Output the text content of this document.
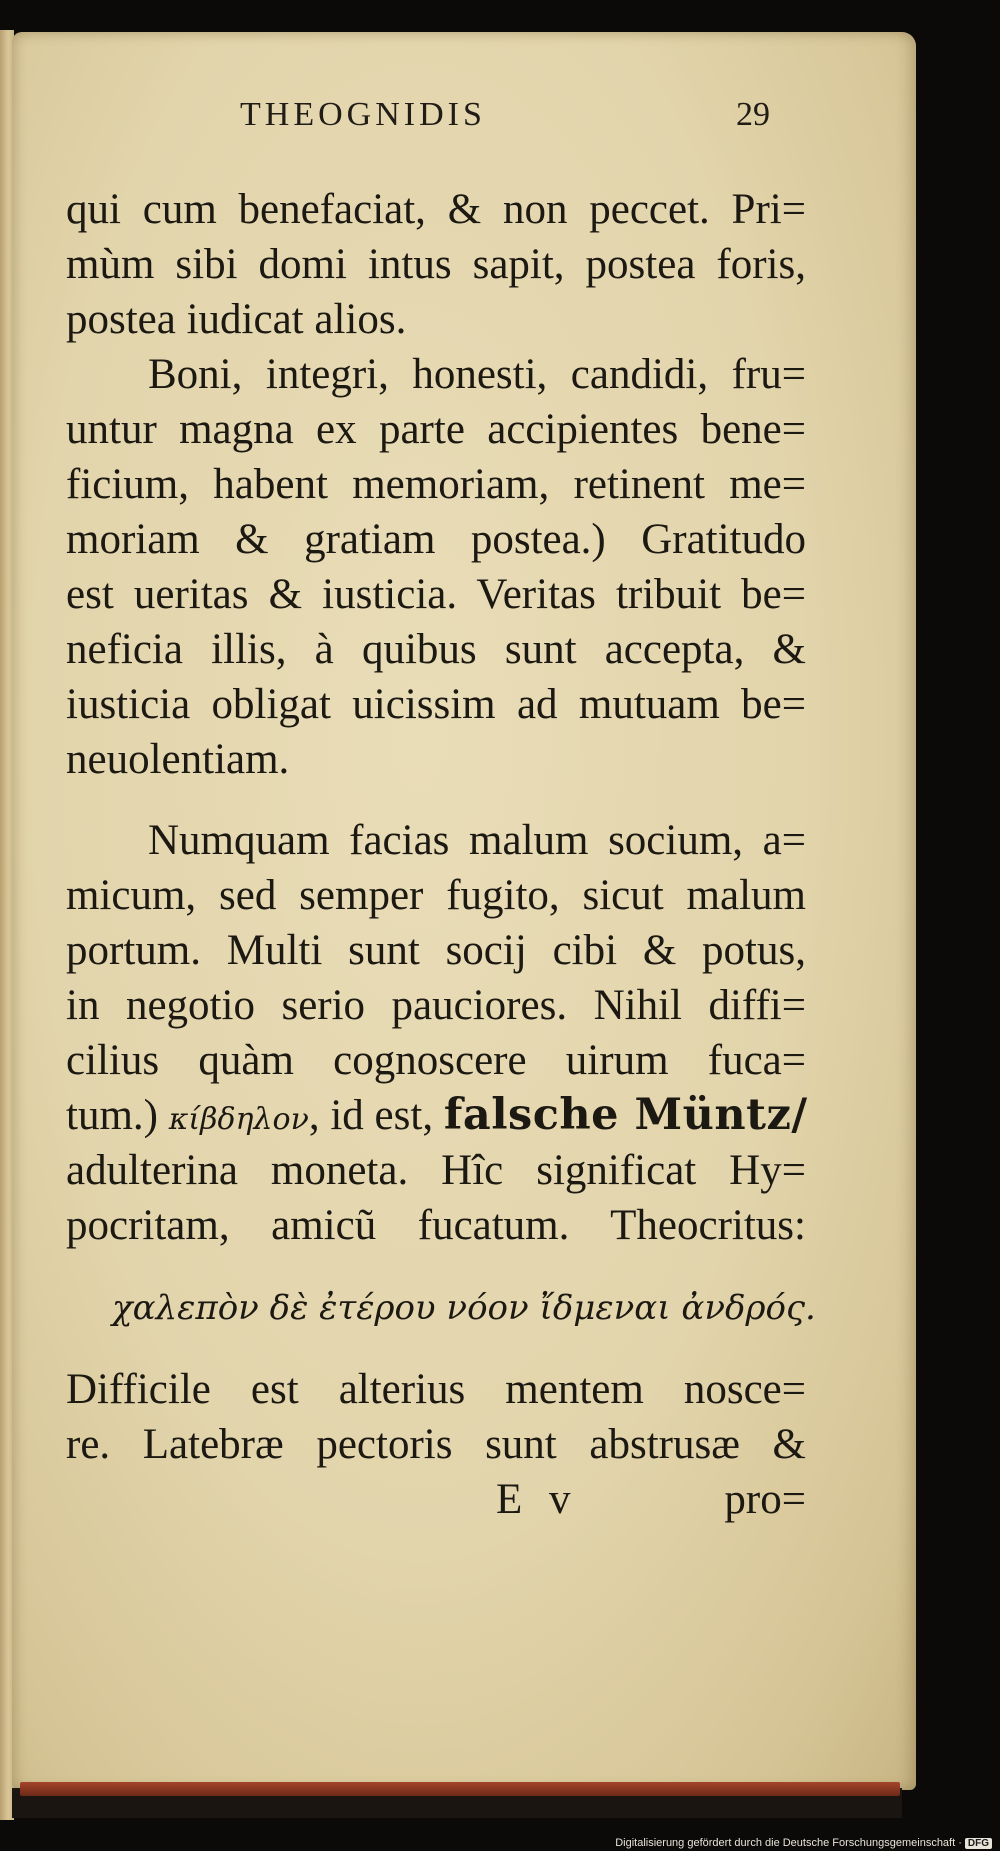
THEOGNIDIS	29
qui cum benefaciat, & non peccet. Pri=
mùm sibi domi intus sapit, postea foris,
postea iudicat alios.
Boni, integri, honesti, candidi, fru=
untur magna ex parte accipientes bene=
ficium, habent memoriam, retinent me=
moriam & gratiam postea.) Gratitudo
est ueritas & iusticia. Veritas tribuit be=
neficia illis, à quibus sunt accepta, &
iusticia obligat uicissim ad mutuam be=
neuolentiam.
Numquam facias malum socium, a=
micum, sed semper fugito, sicut malum
portum. Multi sunt socij cibi & potus,
in negotio serio pauciores. Nihil diffi=
cilius quàm cognoscere uirum fuca=
tum.) κίβδηλον, id est, falsche Müntz/
adulterina moneta. Hîc significat Hy=
pocritam, amicũ fucatum. Theocritus:
χαλεπὸν δὲ ἐτέρου νόον ἴδμεναι ἀνδρός.
Difficile est alterius mentem nosce=
re. Latebræ pectoris sunt abstrusæ &
E v	pro=
Digitalisierung gefördert durch die Deutsche Forschungsgemeinschaft · DFG
